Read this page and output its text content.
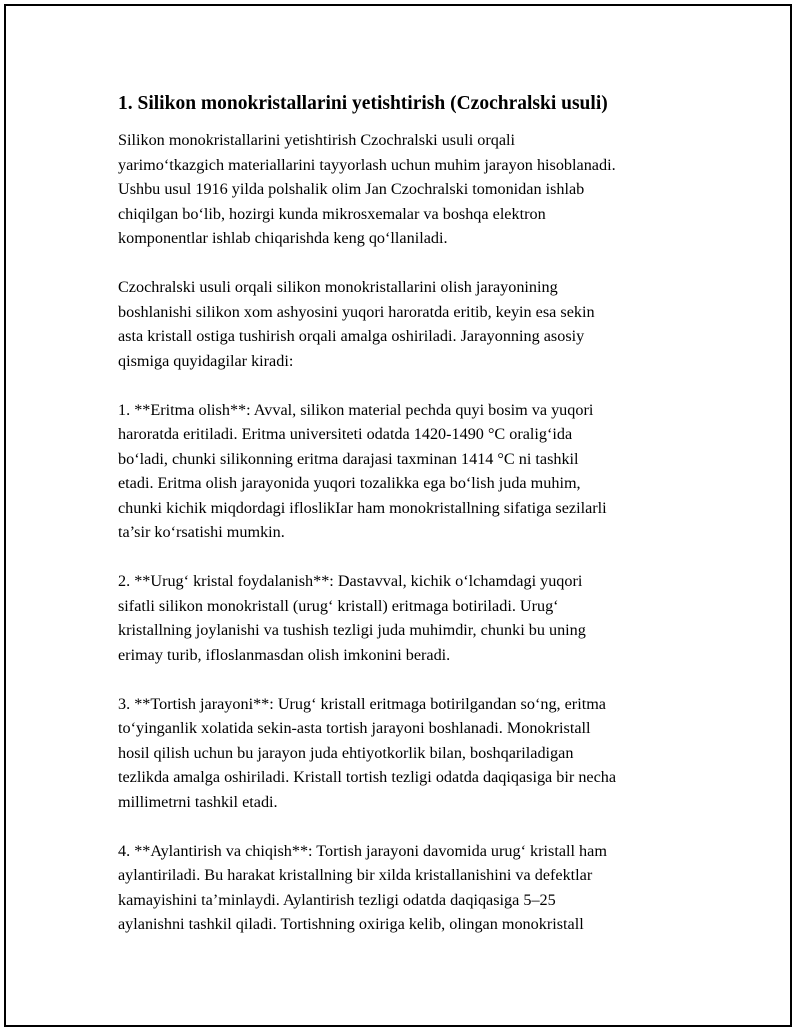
1. Silikon monokristallarini yetishtirish (Czochralski usuli)
Silikon monokristallarini yetishtirish Czochralski usuli orqali
yarimo‘tkazgich materiallarini tayyorlash uchun muhim jarayon hisoblanadi.
Ushbu usul 1916 yilda polshalik olim Jan Czochralski tomonidan ishlab
chiqilgan bo‘lib, hozirgi kunda mikrosxemalar va boshqa elektron
komponentlar ishlab chiqarishda keng qo‘llaniladi.
Czochralski usuli orqali silikon monokristallarini olish jarayonining
boshlanishi silikon xom ashyosini yuqori haroratda eritib, keyin esa sekin
asta kristall ostiga tushirish orqali amalga oshiriladi. Jarayonning asosiy
qismiga quyidagilar kiradi:
1. **Eritma olish**: Avval, silikon material pechda quyi bosim va yuqori
haroratda eritiladi. Eritma universiteti odatda 1420-1490 °C oralig‘ida
bo‘ladi, chunki silikonning eritma darajasi taxminan 1414 °C ni tashkil
etadi. Eritma olish jarayonida yuqori tozalikka ega bo‘lish juda muhim,
chunki kichik miqdordagi ifloslikIar ham monokristallning sifatiga sezilarli
ta’sir ko‘rsatishi mumkin.
2. **Urug‘ kristal foydalanish**: Dastavval, kichik o‘lchamdagi yuqori
sifatli silikon monokristall (urug‘ kristall) eritmaga botiriladi. Urug‘
kristallning joylanishi va tushish tezligi juda muhimdir, chunki bu uning
erimay turib, ifloslanmasdan olish imkonini beradi.
3. **Tortish jarayoni**: Urug‘ kristall eritmaga botirilgandan so‘ng, eritma
to‘yinganlik xolatida sekin-asta tortish jarayoni boshlanadi. Monokristall
hosil qilish uchun bu jarayon juda ehtiyotkorlik bilan, boshqariladigan
tezlikda amalga oshiriladi. Kristall tortish tezligi odatda daqiqasiga bir necha
millimetrni tashkil etadi.
4. **Aylantirish va chiqish**: Tortish jarayoni davomida urug‘ kristall ham
aylantiriladi. Bu harakat kristallning bir xilda kristallanishini va defektlar
kamayishini ta’minlaydi. Aylantirish tezligi odatda daqiqasiga 5–25
aylanishni tashkil qiladi. Tortishning oxiriga kelib, olingan monokristall
